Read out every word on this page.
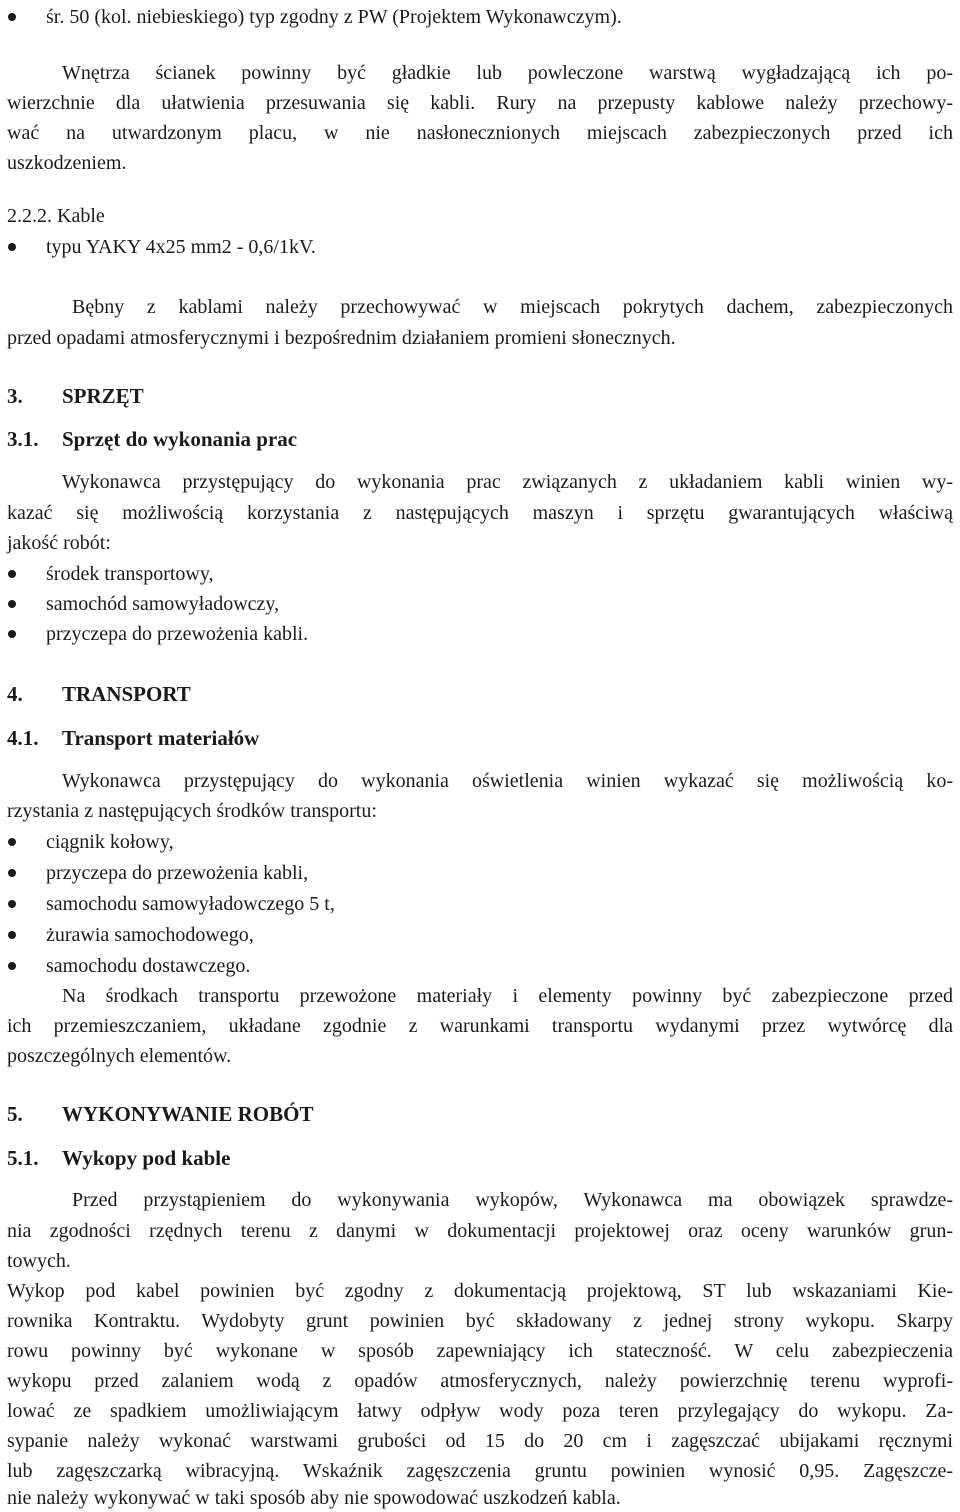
śr. 50 (kol. niebieskiego) typ zgodny z PW (Projektem Wykonawczym).
Wnętrza ścianek powinny być gładkie lub powleczone warstwą wygładzającą ich po-
wierzchnie dla ułatwienia przesuwania się kabli. Rury na przepusty kablowe należy przechowy-
wać na utwardzonym placu, w nie nasłonecznionych miejscach zabezpieczonych przed ich
uszkodzeniem.
2.2.2. Kable
typu YAKY 4x25 mm2 - 0,6/1kV.
Bębny z kablami należy przechowywać w miejscach pokrytych dachem, zabezpieczonych
przed opadami atmosferycznymi i bezpośrednim działaniem promieni słonecznych.
3. SPRZĘT
3.1. Sprzęt do wykonania prac
Wykonawca przystępujący do wykonania prac związanych z układaniem kabli winien wy-
kazać się możliwością korzystania z następujących maszyn i sprzętu gwarantujących właściwą
jakość robót:
środek transportowy,
samochód samowyładowczy,
przyczepa do przewożenia kabli.
4. TRANSPORT
4.1. Transport materiałów
Wykonawca przystępujący do wykonania oświetlenia winien wykazać się możliwością ko-
rzystania z następujących środków transportu:
ciągnik kołowy,
przyczepa do przewożenia kabli,
samochodu samowyładowczego 5 t,
żurawia samochodowego,
samochodu dostawczego.
Na środkach transportu przewożone materiały i elementy powinny być zabezpieczone przed
ich przemieszczaniem, układane zgodnie z warunkami transportu wydanymi przez wytwórcę dla
poszczególnych elementów.
5. WYKONYWANIE ROBÓT
5.1. Wykopy pod kable
Przed przystąpieniem do wykonywania wykopów, Wykonawca ma obowiązek sprawdze-
nia zgodności rzędnych terenu z danymi w dokumentacji projektowej oraz oceny warunków grun-
towych.
Wykop pod kabel powinien być zgodny z dokumentacją projektową, ST lub wskazaniami Kie-
rownika Kontraktu. Wydobyty grunt powinien być składowany z jednej strony wykopu. Skarpy
rowu powinny być wykonane w sposób zapewniający ich stateczność. W celu zabezpieczenia
wykopu przed zalaniem wodą z opadów atmosferycznych, należy powierzchnię terenu wyprofi-
lować ze spadkiem umożliwiającym łatwy odpływ wody poza teren przylegający do wykopu. Za-
sypanie należy wykonać warstwami grubości od 15 do 20 cm i zagęszczać ubijakami ręcznymi
lub zagęszczarką wibracyjną. Wskaźnik zagęszczenia gruntu powinien wynosić 0,95. Zagęszcze-
nie należy wykonywać w taki sposób aby nie spowodować uszkodzeń kabla.
